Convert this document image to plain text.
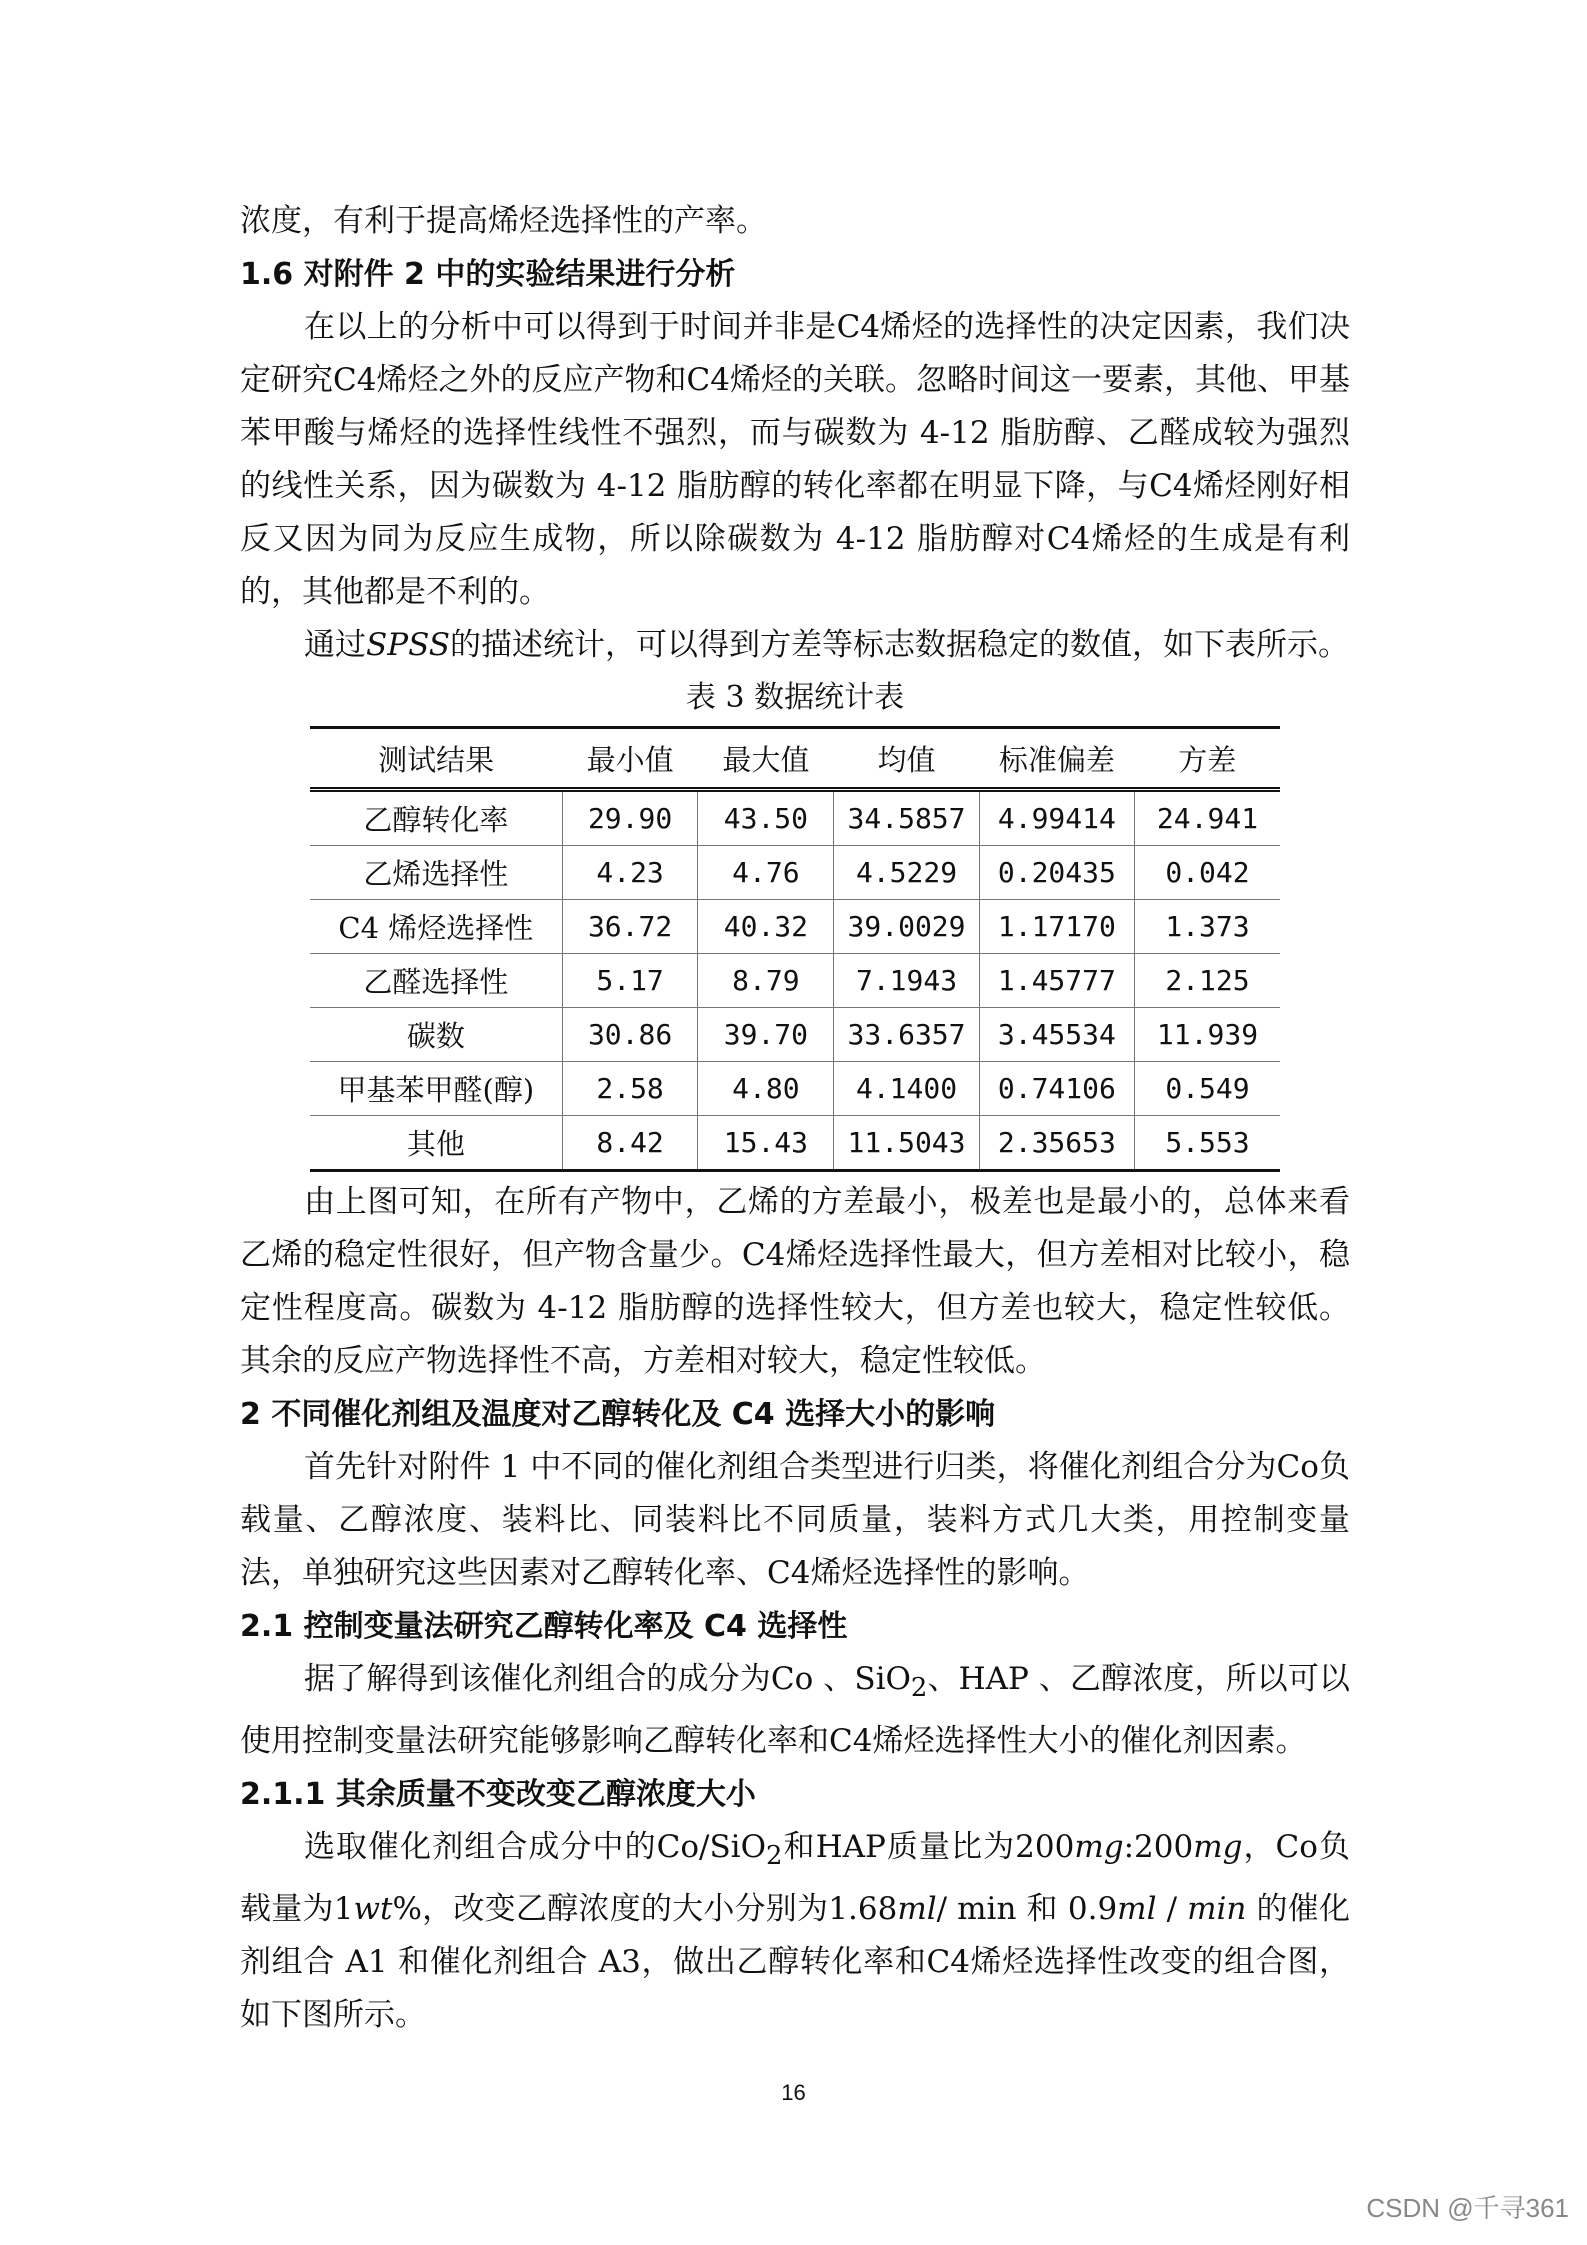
浓度，有利于提高烯烃选择性的产率。

1.6 对附件 2 中的实验结果进行分析

在以上的分析中可以得到于时间并非是C4烯烃的选择性的决定因素，我们决定研究C4烯烃之外的反应产物和C4烯烃的关联。忽略时间这一要素，其他、甲基苯甲酸与烯烃的选择性线性不强烈，而与碳数为 4-12 脂肪醇、乙醛成较为强烈的线性关系，因为碳数为 4-12 脂肪醇的转化率都在明显下降，与C4烯烃刚好相反又因为同为反应生成物，所以除碳数为 4-12 脂肪醇对C4烯烃的生成是有利的，其他都是不利的。

通过SPSS的描述统计，可以得到方差等标志数据稳定的数值，如下表所示。

表 3 数据统计表

测试结果	最小值	最大值	均值	标准偏差	方差
乙醇转化率	29.90	43.50	34.5857	4.99414	24.941
乙烯选择性	4.23	4.76	4.5229	0.20435	0.042
C4 烯烃选择性	36.72	40.32	39.0029	1.17170	1.373
乙醛选择性	5.17	8.79	7.1943	1.45777	2.125
碳数	30.86	39.70	33.6357	3.45534	11.939
甲基苯甲醛(醇)	2.58	4.80	4.1400	0.74106	0.549
其他	8.42	15.43	11.5043	2.35653	5.553

由上图可知，在所有产物中，乙烯的方差最小，极差也是最小的，总体来看乙烯的稳定性很好，但产物含量少。C4烯烃选择性最大，但方差相对比较小，稳定性程度高。碳数为 4-12 脂肪醇的选择性较大，但方差也较大，稳定性较低。其余的反应产物选择性不高，方差相对较大，稳定性较低。

2 不同催化剂组及温度对乙醇转化及 C4 选择大小的影响

首先针对附件 1 中不同的催化剂组合类型进行归类，将催化剂组合分为Co负载量、乙醇浓度、装料比、同装料比不同质量，装料方式几大类，用控制变量法，单独研究这些因素对乙醇转化率、C4烯烃选择性的影响。

2.1 控制变量法研究乙醇转化率及 C4 选择性

据了解得到该催化剂组合的成分为Co 、SiO$_2$、HAP 、乙醇浓度，所以可以使用控制变量法研究能够影响乙醇转化率和C4烯烃选择性大小的催化剂因素。

2.1.1 其余质量不变改变乙醇浓度大小

选取催化剂组合成分中的Co/SiO$_2$和HAP质量比为200mg:200mg，Co负载量为1wt%，改变乙醇浓度的大小分别为1.68ml/ min 和 0.9ml / min 的催化剂组合 A1 和催化剂组合 A3，做出乙醇转化率和C4烯烃选择性改变的组合图，如下图所示。

16
CSDN @千寻361
